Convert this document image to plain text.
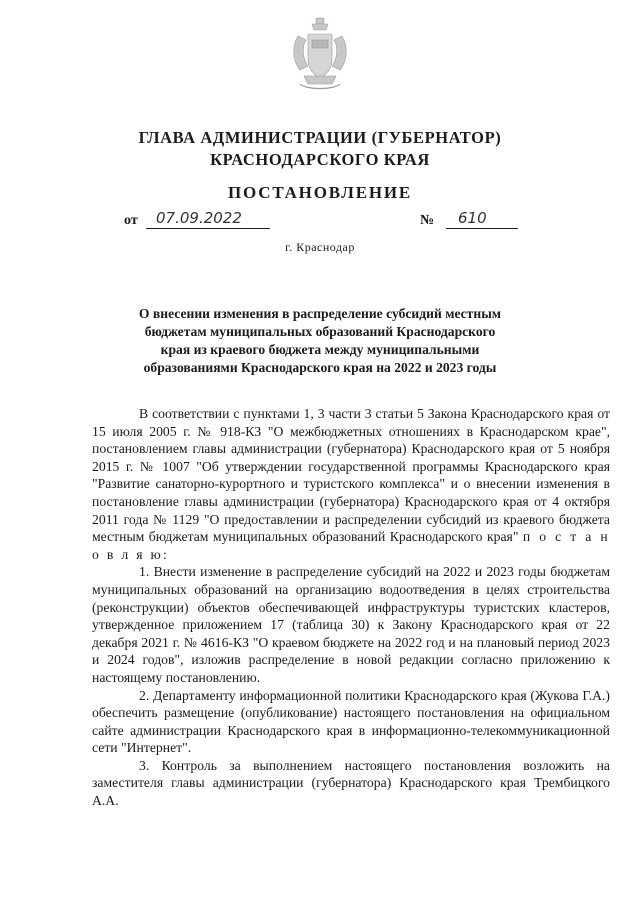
ГЛАВА АДМИНИСТРАЦИИ (ГУБЕРНАТОР)
КРАСНОДАРСКОГО КРАЯ
ПОСТАНОВЛЕНИЕ
от	07.09.2022	№	610
г. Краснодар
О внесении изменения в распределение субсидий местным бюджетам муниципальных образований Краснодарского края из краевого бюджета между муниципальными образованиями Краснодарского края на 2022 и 2023 годы

В соответствии с пунктами 1, 3 части 3 статьи 5 Закона Краснодарского края от 15 июля 2005 г. № 918-КЗ "О межбюджетных отношениях в Краснодарском крае", постановлением главы администрации (губернатора) Краснодарского края от 5 ноября 2015 г. № 1007 "Об утверждении государственной программы Краснодарского края "Развитие санаторно-курортного и туристского комплекса" и о внесении изменения в постановление главы администрации (губернатора) Краснодарского края от 4 октября 2011 года № 1129 "О предоставлении и распределении субсидий из краевого бюджета местным бюджетам муниципальных образований Краснодарского края" п о с т а н о в л я ю:

1. Внести изменение в распределение субсидий на 2022 и 2023 годы бюджетам муниципальных образований на организацию водоотведения в целях строительства (реконструкции) объектов обеспечивающей инфраструктуры туристских кластеров, утвержденное приложением 17 (таблица 30) к Закону Краснодарского края от 22 декабря 2021 г. № 4616-КЗ "О краевом бюджете на 2022 год и на плановый период 2023 и 2024 годов", изложив распределение в новой редакции согласно приложению к настоящему постановлению.

2. Департаменту информационной политики Краснодарского края (Жукова Г.А.) обеспечить размещение (опубликование) настоящего постановления на официальном сайте администрации Краснодарского края в информационно-телекоммуникационной сети "Интернет".

3. Контроль за выполнением настоящего постановления возложить на заместителя главы администрации (губернатора) Краснодарского края Трембицкого А.А.
